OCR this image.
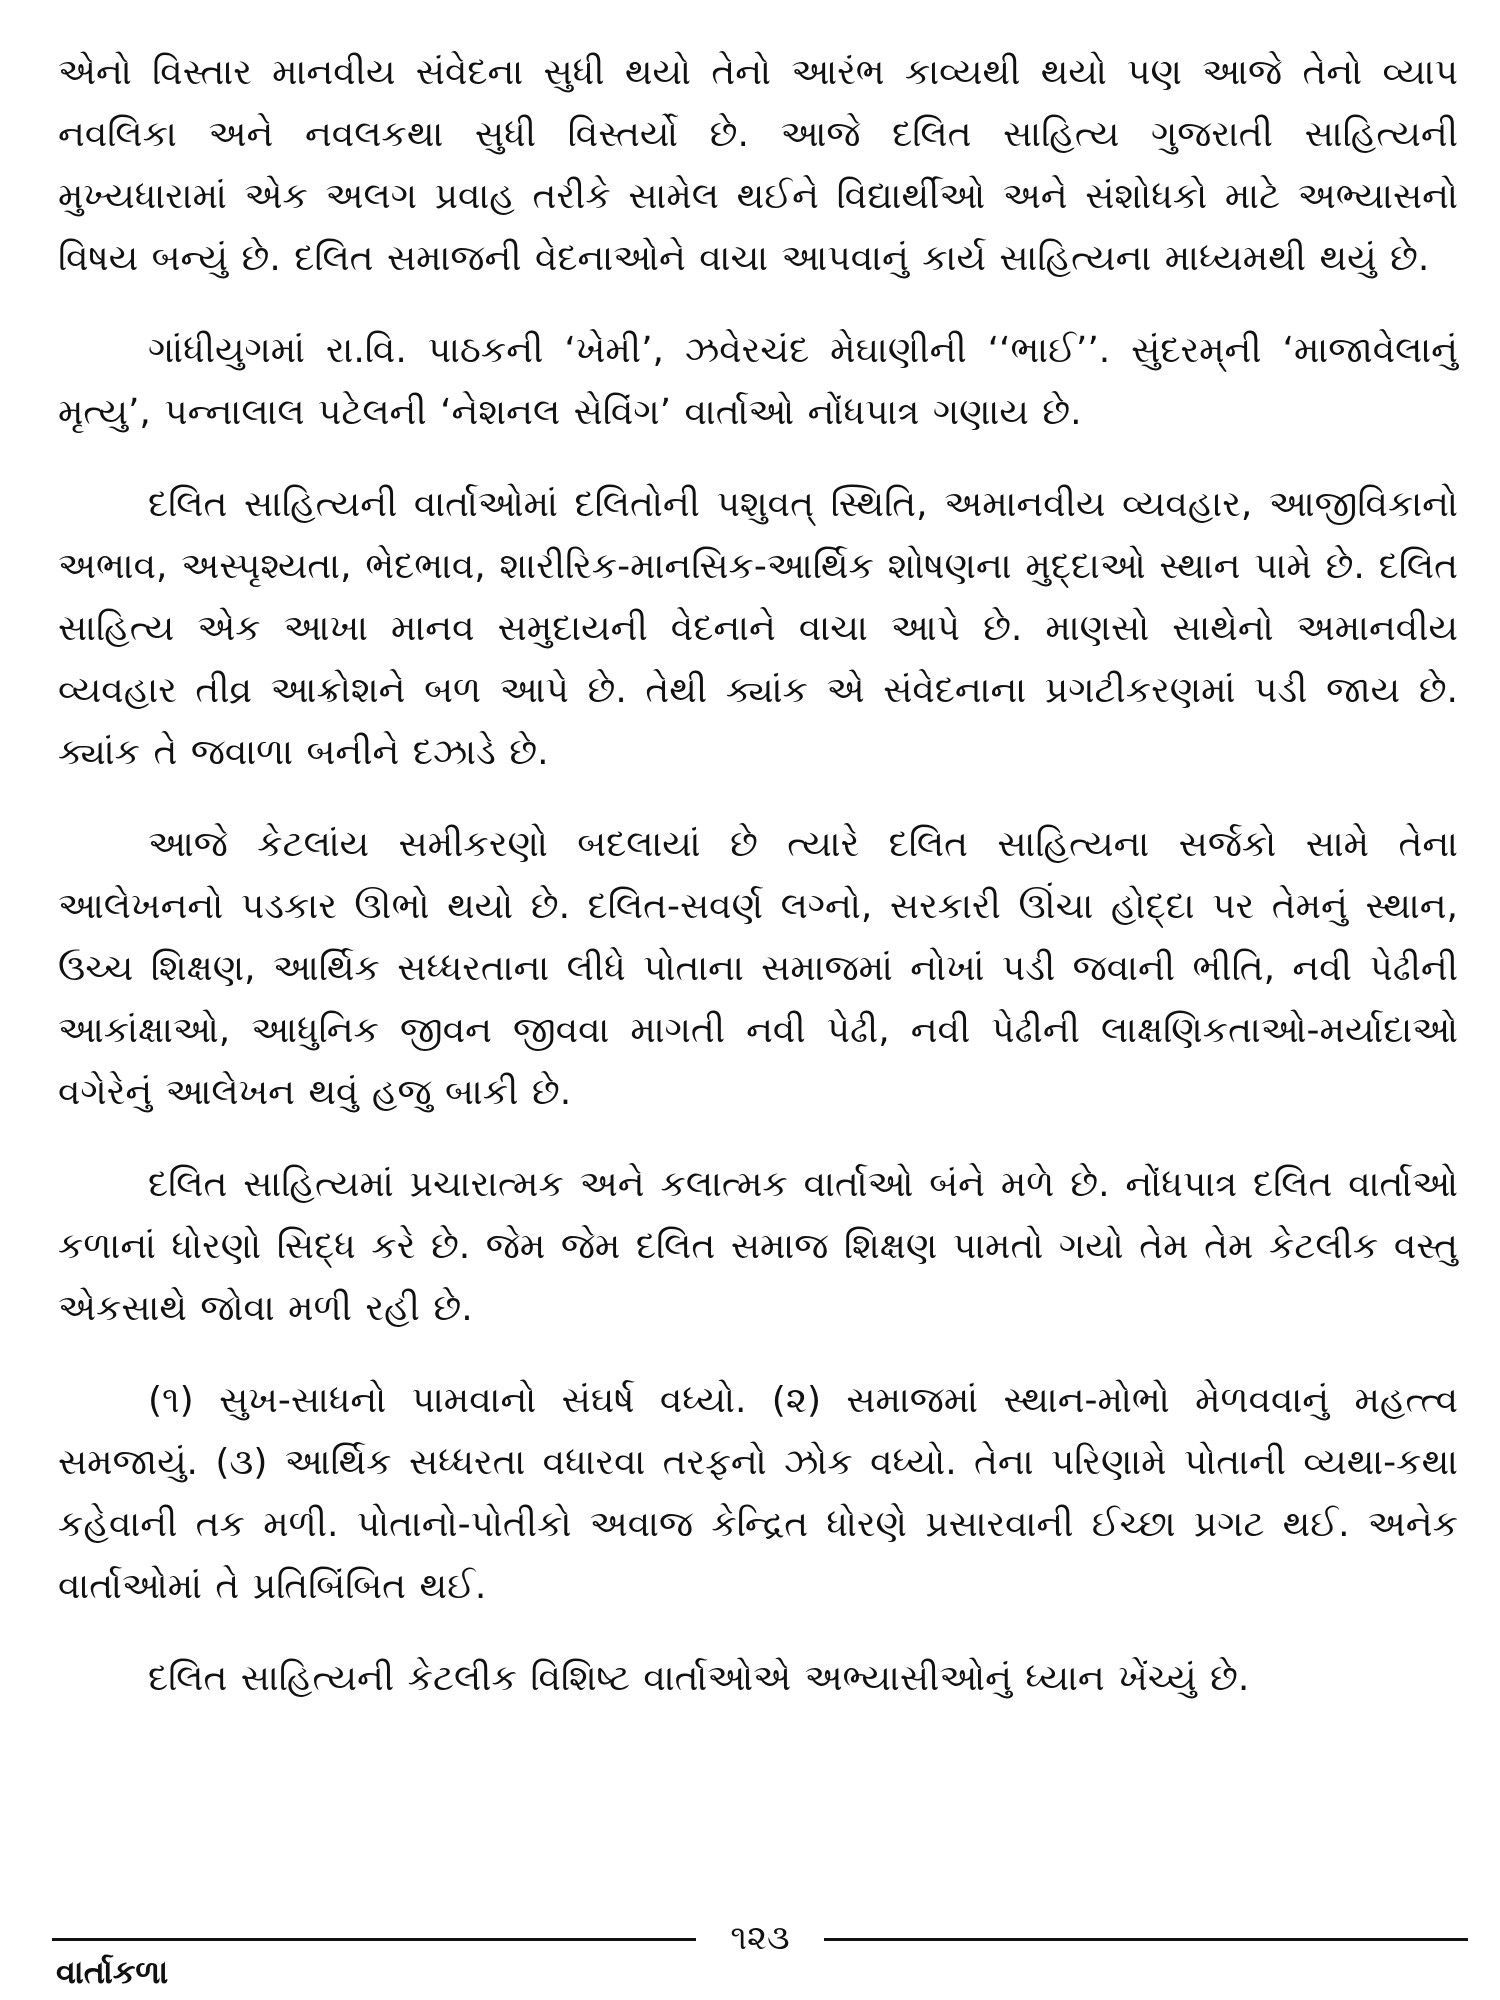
એનો વિસ્તાર માનવીય સંવેદના સુધી થયો તેનો આરંભ કાવ્યથી થયો પણ આજે તેનો વ્યાપ નવલિકા અને નવલકથા સુધી વિસ્તર્યો છે. આજે દલિત સાહિત્ય ગુજરાતી સાહિત્યની મુખ્યધારામાં એક અલગ પ્રવાહ તરીકે સામેલ થઈને વિદ્યાર્થીઓ અને સંશોધકો માટે અભ્યાસનો વિષય બન્યું છે. દલિત સમાજની વેદનાઓને વાચા આપવાનું કાર્ય સાહિત્યના માધ્યમથી થયું છે.

ગાંધીયુગમાં રા.વિ. પાઠકની ‘ખેમી’, ઝવેરચંદ મેઘાણીની ‘‘ભાઈ’’. સુંદરમ્‌ની ‘માજાવેલાનું મૃત્યુ’, પન્નાલાલ પટેલની ‘નેશનલ સેવિંગ’ વાર્તાઓ નોંધપાત્ર ગણાય છે.

દલિત સાહિત્યની વાર્તાઓમાં દલિતોની પશુવત્‌ સ્થિતિ, અમાનવીય વ્યવહાર, આજીવિકાનો અભાવ, અસ્પૃશ્યતા, ભેદભાવ, શારીરિક-માનસિક-આર્થિક શોષણના મુદ્દાઓ સ્થાન પામે છે. દલિત સાહિત્ય એક આખા માનવ સમુદાયની વેદનાને વાચા આપે છે. માણસો સાથેનો અમાનવીય વ્યવહાર તીવ્ર આક્રોશને બળ આપે છે. તેથી ક્યાંક એ સંવેદનાના પ્રગટીકરણમાં પડી જાય છે. ક્યાંક તે જવાળા બનીને દઝાડે છે.

આજે કેટલાંય સમીકરણો બદલાયાં છે ત્યારે દલિત સાહિત્યના સર્જકો સામે તેના આલેખનનો પડકાર ઊભો થયો છે. દલિત-સવર્ણ લગ્નો, સરકારી ઊંચા હોદ્દા પર તેમનું સ્થાન, ઉચ્ચ શિક્ષણ, આર્થિક સધ્ધરતાના લીધે પોતાના સમાજમાં નોખાં પડી જવાની ભીતિ, નવી પેઢીની આકાંક્ષાઓ, આધુનિક જીવન જીવવા માગતી નવી પેઢી, નવી પેઢીની લાક્ષણિકતાઓ-મર્યાદાઓ વગેરેનું આલેખન થવું હજુ બાકી છે.

દલિત સાહિત્યમાં પ્રચારાત્મક અને કલાત્મક વાર્તાઓ બંને મળે છે. નોંધપાત્ર દલિત વાર્તાઓ કળાનાં ધોરણો સિદ્ધ કરે છે. જેમ જેમ દલિત સમાજ શિક્ષણ પામતો ગયો તેમ તેમ કેટલીક વસ્તુ એકસાથે જોવા મળી રહી છે.

(૧) સુખ-સાધનો પામવાનો સંઘર્ષ વધ્યો. (૨) સમાજમાં સ્થાન-મોભો મેળવવાનું મહત્ત્વ સમજાયું. (૩) આર્થિક સધ્ધરતા વધારવા તરફનો ઝોક વધ્યો. તેના પરિણામે પોતાની વ્યથા-કથા કહેવાની તક મળી. પોતાનો-પોતીકો અવાજ કેન્દ્રિત ધોરણે પ્રસારવાની ઈચ્છા પ્રગટ થઈ. અનેક વાર્તાઓમાં તે પ્રતિબિંબિત થઈ.

દલિત સાહિત્યની કેટલીક વિશિષ્ટ વાર્તાઓએ અભ્યાસીઓનું ધ્યાન ખેંચ્યું છે.

૧૨૩
વાર્તાકળા
